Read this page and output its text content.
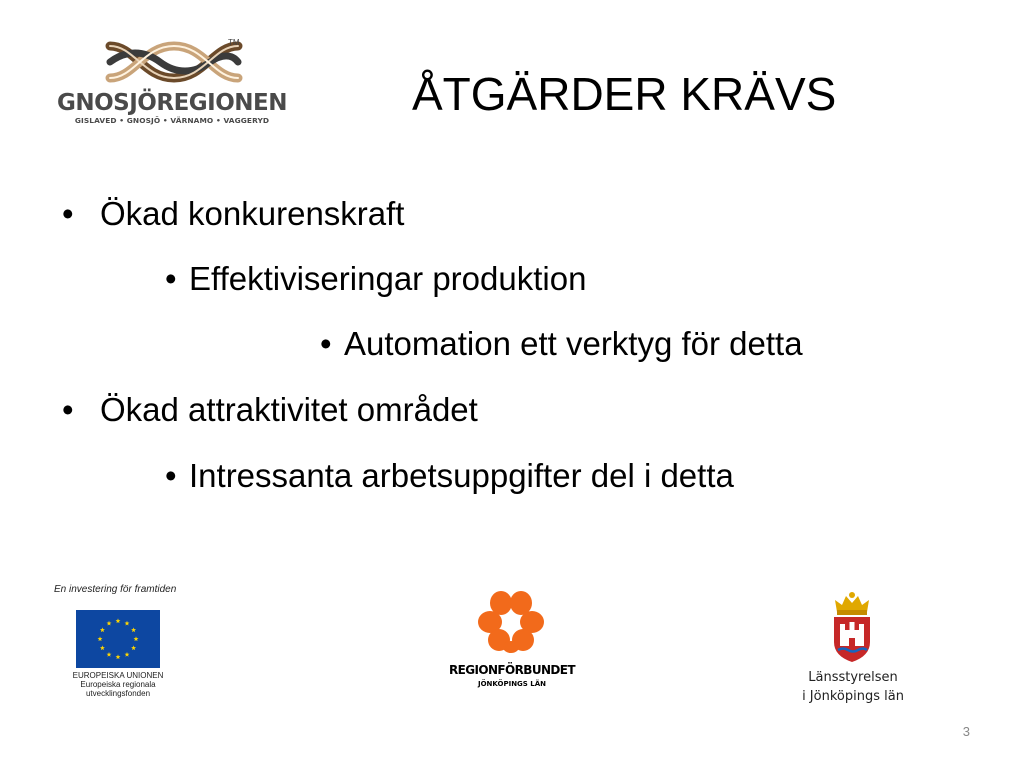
TM
GNOSJÖREGIONEN
GISLAVED • GNOSJÖ • VÄRNAMO • VAGGERYD
ÅTGÄRDER KRÄVS
• Ökad konkurenskraft
• Effektiviseringar produktion
• Automation ett verktyg för detta
• Ökad attraktivitet området
• Intressanta arbetsuppgifter del i detta
En investering för framtiden
EUROPEISKA UNIONEN
Europeiska regionala
utvecklingsfonden
REGIONFÖRBUNDET
JÖNKÖPINGS LÄN	Länsstyrelsen
i Jönköpings län
3
